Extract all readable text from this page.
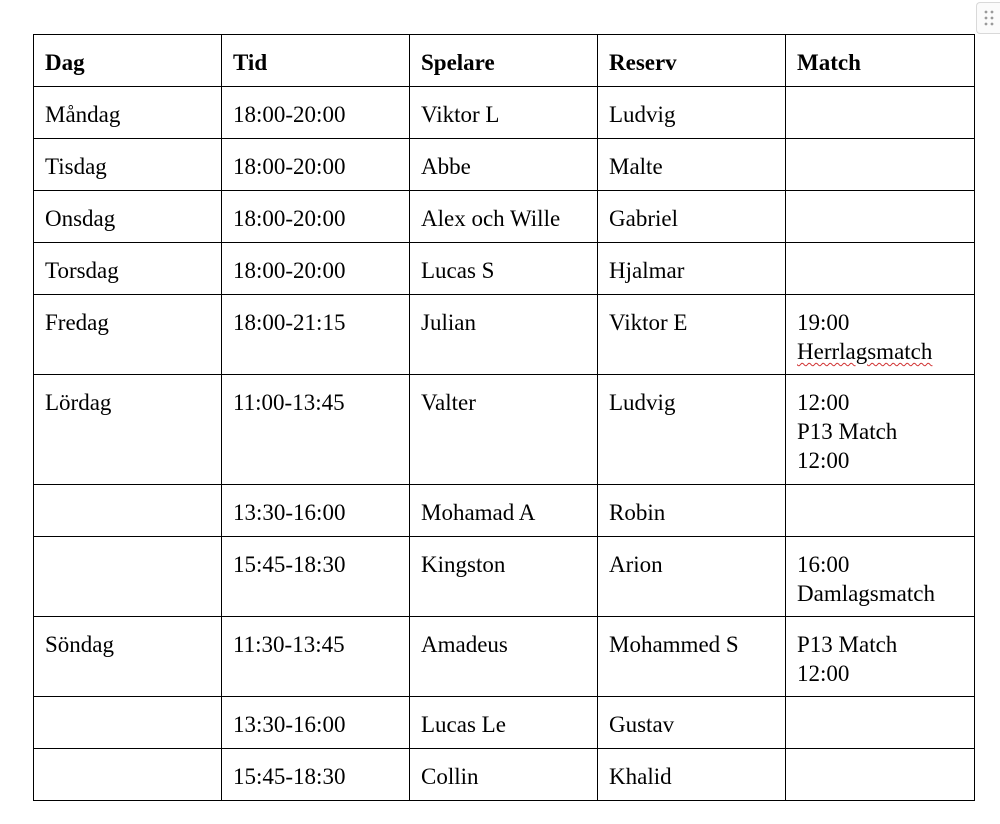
Dag	Tid	Spelare	Reserv	Match
Måndag	18:00-20:00	Viktor L	Ludvig	
Tisdag	18:00-20:00	Abbe	Malte	
Onsdag	18:00-20:00	Alex och Wille	Gabriel	
Torsdag	18:00-20:00	Lucas S	Hjalmar	
Fredag	18:00-21:15	Julian	Viktor E	19:00
Herrlagsmatch

Lördag	11:00-13:45	Valter	Ludvig	12:00
P13 Match
12:00

	13:30-16:00	Mohamad A	Robin	
	15:45-18:30	Kingston	Arion	16:00
Damlagsmatch

Söndag	11:30-13:45	Amadeus	Mohammed S	P13 Match
12:00

	13:30-16:00	Lucas Le	Gustav	
	15:45-18:30	Collin	Khalid	
